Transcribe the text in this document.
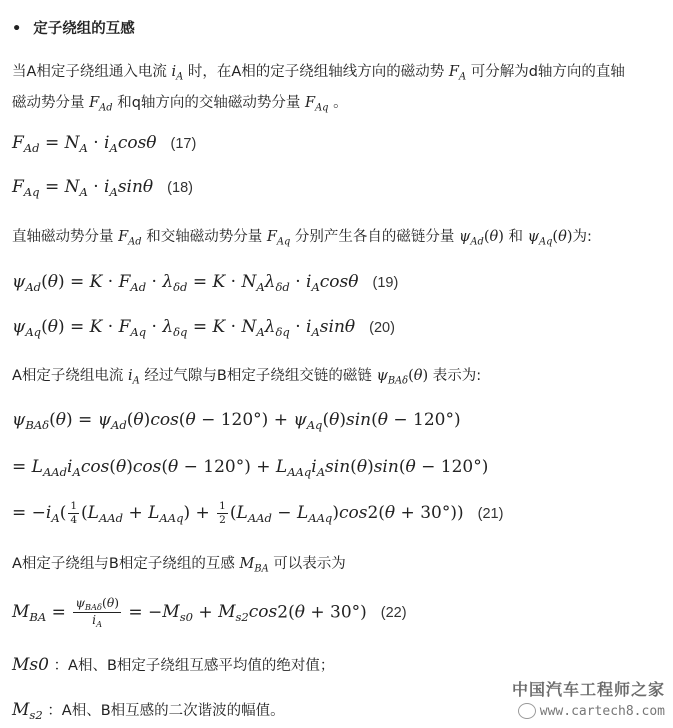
• 定子绕组的互感
当A相定子绕组通入电流 $i_A$ 时，在A相的定子绕组轴线方向的磁动势 $F_A$ 可分解为d轴方向的直轴
磁动势分量 $F_{Ad}$ 和q轴方向的交轴磁动势分量 $F_{Aq}$ 。
$F_{Ad} = N_A \cdot i_A\cos\theta$ (17)
$F_{Aq} = N_A \cdot i_A\sin\theta$ (18)
直轴磁动势分量 $F_{Ad}$ 和交轴磁动势分量 $F_{Aq}$ 分别产生各自的磁链分量 $\psi_{Ad}(\theta)$ 和 $\psi_{Aq}(\theta)$为:
$\psi_{Ad}(\theta) = K \cdot F_{Ad} \cdot \lambda_{\delta d} = K \cdot N_A\lambda_{\delta d} \cdot i_A\cos\theta$ (19)
$\psi_{Aq}(\theta) = K \cdot F_{Aq} \cdot \lambda_{\delta q} = K \cdot N_A\lambda_{\delta q} \cdot i_A\sin\theta$ (20)
A相定子绕组电流 $i_A$ 经过气隙与B相定子绕组交链的磁链 $\psi_{BA\delta}(\theta)$ 表示为:
$\psi_{BA\delta}(\theta) = \psi_{Ad}(\theta)\cos(\theta - 120^\circ) + \psi_{Aq}(\theta)\sin(\theta - 120^\circ)$
= $L_{AAd}i_A\cos(\theta)\cos(\theta - 120^\circ) + L_{AAq}i_A\sin(\theta)\sin(\theta - 120^\circ)$
= $-i_A( \frac{1}{4} (L_{AAd} + L_{AAq}) + \frac{1}{2} (L_{AAd} - L_{AAq})\cos 2(\theta + 30^\circ))$ (21)
A相定子绕组与B相定子绕组的互感 $M_{BA}$ 可以表示为
$M_{BA} = \frac{\psi_{BA\delta}(\theta)}{i_A} = -M_{s0} + M_{s2}\cos 2(\theta + 30^\circ)$ (22)
Ms0 ：A相、B相定子绕组互感平均值的绝对值；
$M_{s2}$ ：A相、B相互感的二次谐波的幅值。
中国汽车工程师之家
www.cartech8.com
